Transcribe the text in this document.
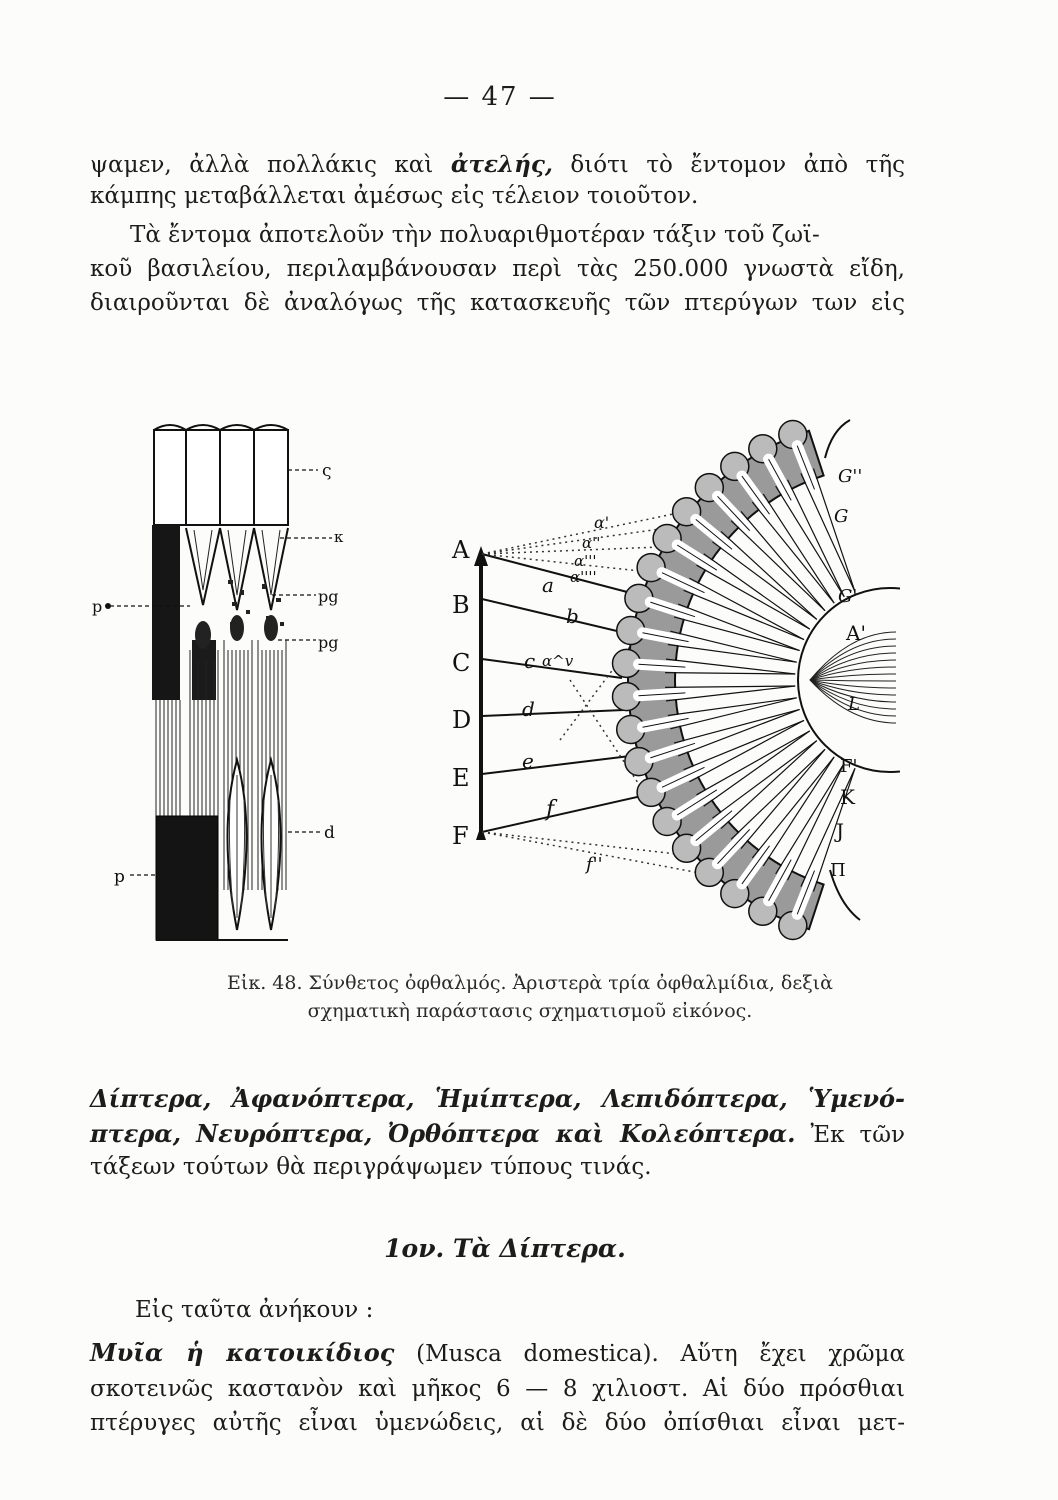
— 47 —
ψαμεν, ἀλλὰ πολλάκις καὶ ἀτελής, διότι τὸ ἔντομον ἀπὸ τῆς
κάμπης μεταβάλλεται ἀμέσως εἰς τέλειον τοιοῦτον.
Τὰ ἔντομα ἀποτελοῦν τὴν πολυαριθμοτέραν τάξιν τοῦ ζωϊ-
κοῦ βασιλείου, περιλαμβάνουσαν περὶ τὰς 250.000 γνωστὰ εἴδη,
διαιροῦνται δὲ ἀναλόγως τῆς κατασκευῆς τῶν πτερύγων των εἰς
ς
κ
pg
pg
p
d
p
A
B
C
D
E
F
a
b
c
d
e
f
α'
α''
α'''
α''''
α^v
f''
G''
G
G'
A'
L
F'
K
J
Π
Εἰκ. 48. Σύνθετος ὀφθαλμός. Ἀριστερὰ τρία ὀφθαλμίδια, δεξιὰ
σχηματικὴ παράστασις σχηματισμοῦ εἰκόνος.
Δίπτερα, Ἀφανόπτερα, Ἡμίπτερα, Λεπιδόπτερα, Ὑμενό-
πτερα, Νευρόπτερα, Ὀρθόπτερα καὶ Κολεόπτερα. Ἐκ τῶν
τάξεων τούτων θὰ περιγράψωμεν τύπους τινάς.
1ον. Τὰ Δίπτερα.
Εἰς ταῦτα ἀνήκουν :
Μυῖα ἡ κατοικίδιος (Musca domestica). Αὕτη ἔχει χρῶμα
σκοτεινῶς καστανὸν καὶ μῆκος 6 — 8 χιλιοστ. Αἱ δύο πρόσθιαι
πτέρυγες αὐτῆς εἶναι ὑμενώδεις, αἱ δὲ δύο ὀπίσθιαι εἶναι μετ-
